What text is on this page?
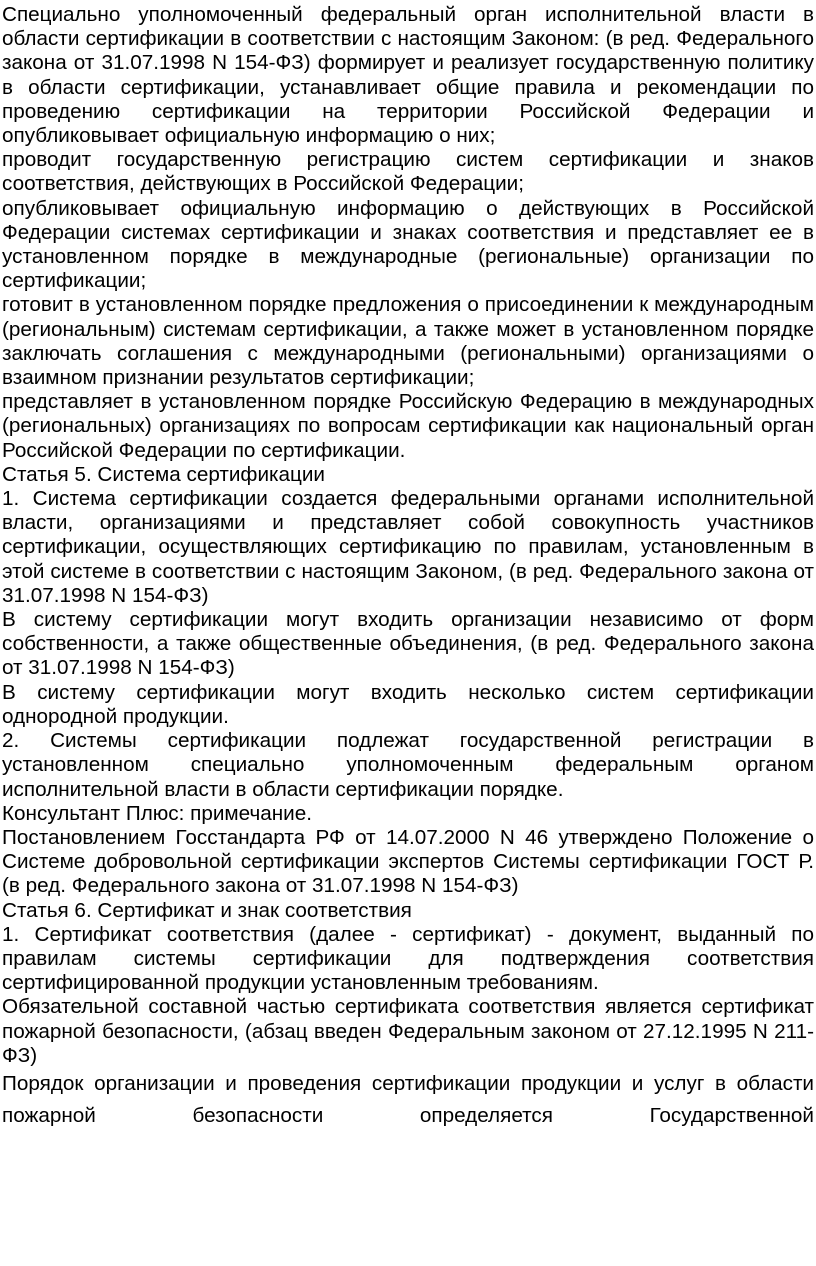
Специально уполномоченный федеральный орган исполнительной власти в области сертификации в соответствии с настоящим Законом: (в ред. Федерального закона от 31.07.1998 N 154-ФЗ) формирует и реализует государственную политику в области сертификации, устанавливает общие правила и рекомендации по проведению сертификации на территории Российской Федерации и опубликовывает официальную информацию о них;

проводит государственную регистрацию систем сертификации и знаков соответствия, действующих в Российской Федерации;

опубликовывает официальную информацию о действующих в Российской Федерации системах сертификации и знаках соответствия и представляет ее в установленном порядке в международные (региональные) организации по сертификации;

готовит в установленном порядке предложения о присоединении к международным (региональным) системам сертификации, а также может в установленном порядке заключать соглашения с международными (региональными) организациями о взаимном признании результатов сертификации;

представляет в установленном порядке Российскую Федерацию в международных (региональных) организациях по вопросам сертификации как национальный орган Российской Федерации по сертификации.

Статья 5. Система сертификации

1. Система сертификации создается федеральными органами исполнительной власти, организациями и представляет собой совокупность участников сертификации, осуществляющих сертификацию по правилам, установленным в этой системе в соответствии с настоящим Законом, (в ред. Федерального закона от 31.07.1998 N 154-ФЗ)

В систему сертификации могут входить организации независимо от форм собственности, а также общественные объединения, (в ред. Федерального закона от 31.07.1998 N 154-ФЗ)

В систему сертификации могут входить несколько систем сертификации однородной продукции.

2. Системы сертификации подлежат государственной регистрации в установленном специально уполномоченным федеральным органом исполнительной власти в области сертификации порядке.

Консультант Плюс: примечание.

Постановлением Госстандарта РФ от 14.07.2000 N 46 утверждено Положение о Системе добровольной сертификации экспертов Системы сертификации ГОСТ Р. (в ред. Федерального закона от 31.07.1998 N 154-ФЗ)

Статья 6. Сертификат и знак соответствия

1. Сертификат соответствия (далее - сертификат) - документ, выданный по правилам системы сертификации для подтверждения соответствия сертифицированной продукции установленным требованиям.

Обязательной составной частью сертификата соответствия является сертификат пожарной безопасности, (абзац введен Федеральным законом от 27.12.1995 N 211-ФЗ)

Порядок организации и проведения сертификации продукции и услуг в области пожарной безопасности определяется Государственной
